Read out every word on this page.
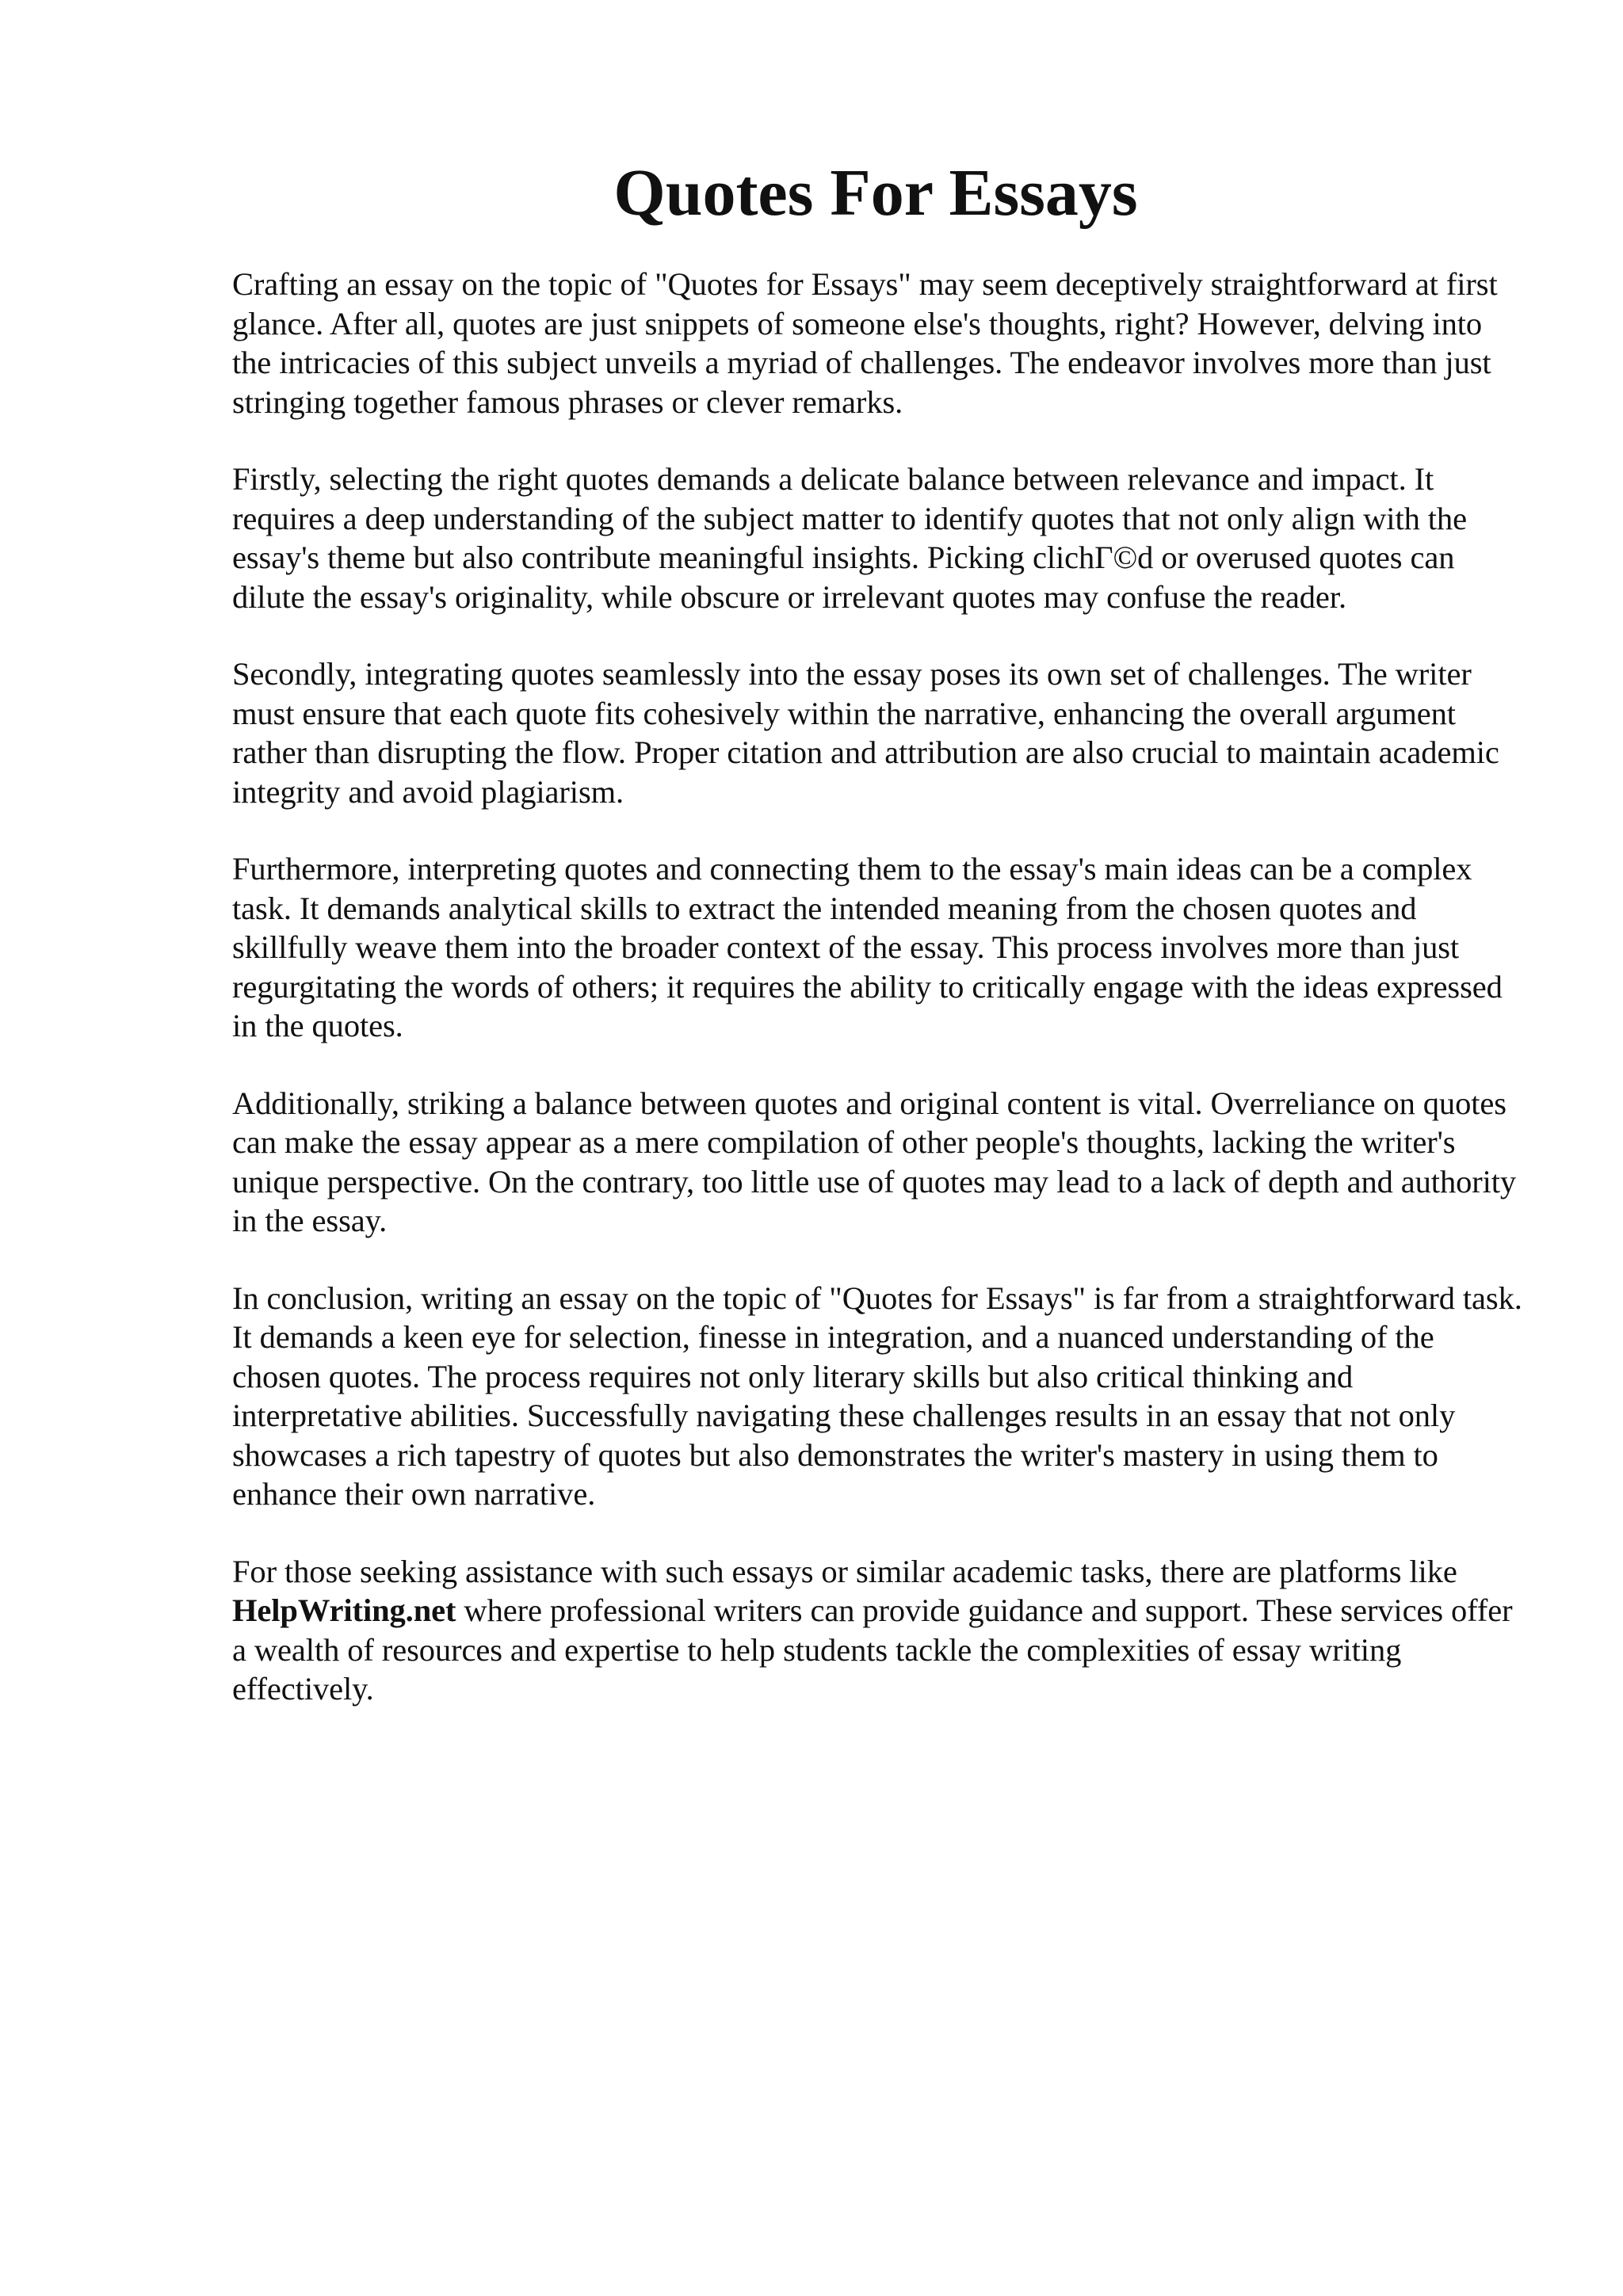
Quotes For Essays

Crafting an essay on the topic of "Quotes for Essays" may seem deceptively straightforward at first glance. After all, quotes are just snippets of someone else's thoughts, right? However, delving into the intricacies of this subject unveils a myriad of challenges. The endeavor involves more than just stringing together famous phrases or clever remarks.

Firstly, selecting the right quotes demands a delicate balance between relevance and impact. It requires a deep understanding of the subject matter to identify quotes that not only align with the essay's theme but also contribute meaningful insights. Picking clichГ©d or overused quotes can dilute the essay's originality, while obscure or irrelevant quotes may confuse the reader.

Secondly, integrating quotes seamlessly into the essay poses its own set of challenges. The writer must ensure that each quote fits cohesively within the narrative, enhancing the overall argument rather than disrupting the flow. Proper citation and attribution are also crucial to maintain academic integrity and avoid plagiarism.

Furthermore, interpreting quotes and connecting them to the essay's main ideas can be a complex task. It demands analytical skills to extract the intended meaning from the chosen quotes and skillfully weave them into the broader context of the essay. This process involves more than just regurgitating the words of others; it requires the ability to critically engage with the ideas expressed in the quotes.

Additionally, striking a balance between quotes and original content is vital. Overreliance on quotes can make the essay appear as a mere compilation of other people's thoughts, lacking the writer's unique perspective. On the contrary, too little use of quotes may lead to a lack of depth and authority in the essay.

In conclusion, writing an essay on the topic of "Quotes for Essays" is far from a straightforward task. It demands a keen eye for selection, finesse in integration, and a nuanced understanding of the chosen quotes. The process requires not only literary skills but also critical thinking and interpretative abilities. Successfully navigating these challenges results in an essay that not only showcases a rich tapestry of quotes but also demonstrates the writer's mastery in using them to enhance their own narrative.

For those seeking assistance with such essays or similar academic tasks, there are platforms like HelpWriting.net where professional writers can provide guidance and support. These services offer a wealth of resources and expertise to help students tackle the complexities of essay writing effectively.
